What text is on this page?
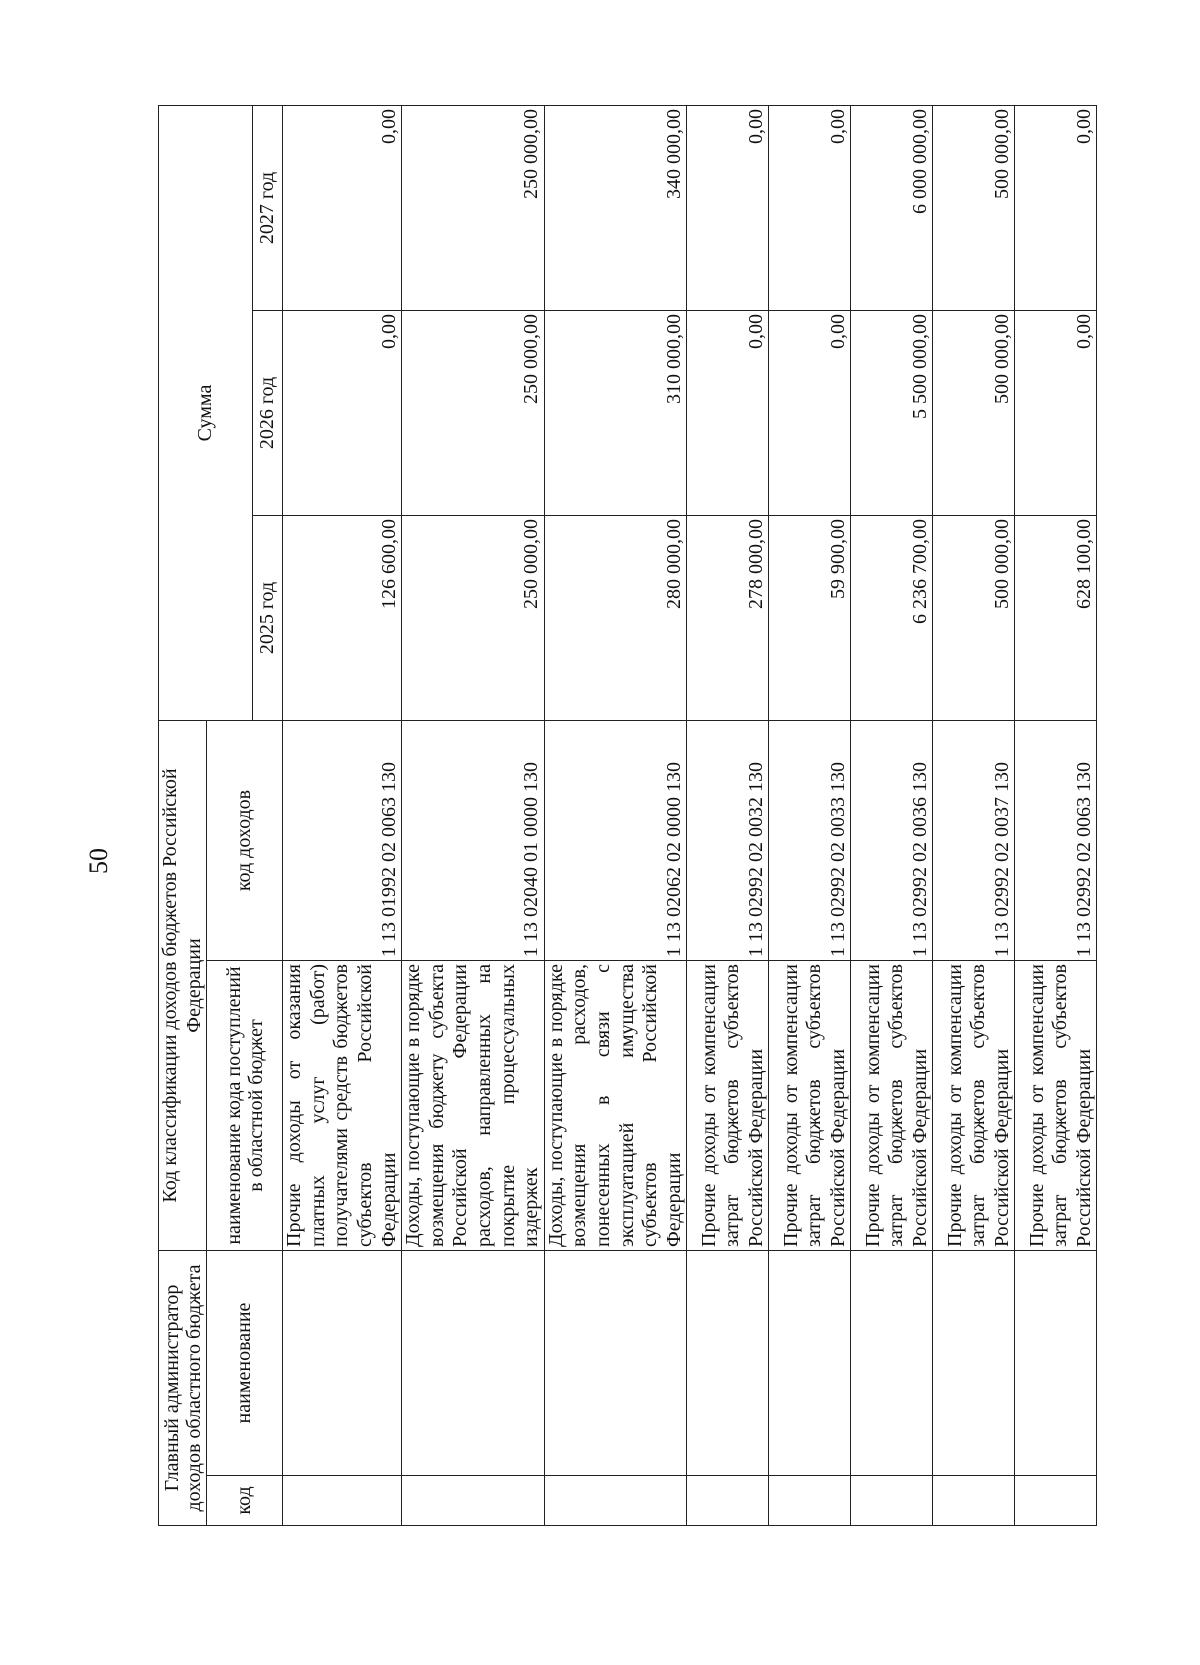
50
Главный администратор доходов областного бюджета		Код классификации доходов бюджетов Российской Федерации		Сумма		
код	наименование	наименование кода поступлений в областной бюджет	код доходов			
				2025 год	2026 год	2027 год
		Прочие доходы от оказания платных услуг (работ) получателями средств бюджетов субъектов Российской Федерации	1 13 01992 02 0063 130	126 600,00	0,00	0,00
		Доходы, поступающие в порядке возмещения бюджету субъекта Российской Федерации расходов, направленных на покрытие процессуальных издержек	1 13 02040 01 0000 130	250 000,00	250 000,00	250 000,00
		Доходы, поступающие в порядке возмещения расходов, понесенных в связи с эксплуатацией имущества субъектов Российской Федерации	1 13 02062 02 0000 130	280 000,00	310 000,00	340 000,00
		Прочие доходы от компенсации затрат бюджетов субъектов Российской Федерации	1 13 02992 02 0032 130	278 000,00	0,00	0,00
		Прочие доходы от компенсации затрат бюджетов субъектов Российской Федерации	1 13 02992 02 0033 130	59 900,00	0,00	0,00
		Прочие доходы от компенсации затрат бюджетов субъектов Российской Федерации	1 13 02992 02 0036 130	6 236 700,00	5 500 000,00	6 000 000,00
		Прочие доходы от компенсации затрат бюджетов субъектов Российской Федерации	1 13 02992 02 0037 130	500 000,00	500 000,00	500 000,00
		Прочие доходы от компенсации затрат бюджетов субъектов Российской Федерации	1 13 02992 02 0063 130	628 100,00	0,00	0,00
